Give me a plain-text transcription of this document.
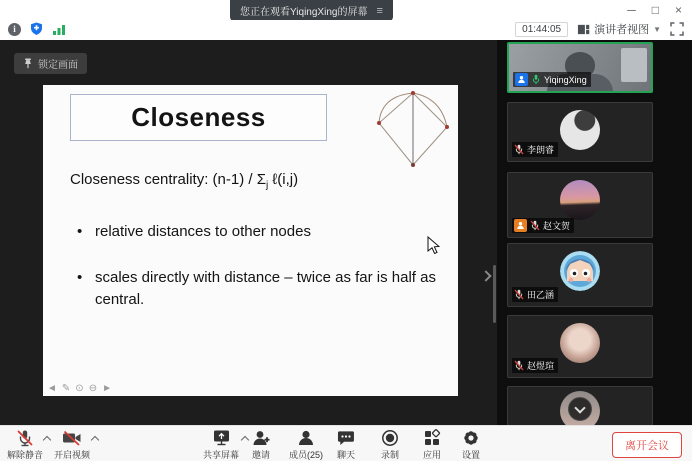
您正在观看YiqingXing的屏幕 ≡	─ □ ×
i	01:44:05	演讲者视图 ▼
锁定画面
Closeness
Closeness centrality: $(n-1) / \Sigma_j$ ℓ(i,j)
• relative distances to other nodes
• scales directly with distance – twice as far is half as central.
◄ ✎ ⊙ ⊖ ►
YiqingXing
李朗睿
赵文贺
田乙涵
赵煜瑄
解除静音 开启视频	共享屏幕 邀请 成员(25) 聊天	录制	应用 设置
离开会议
